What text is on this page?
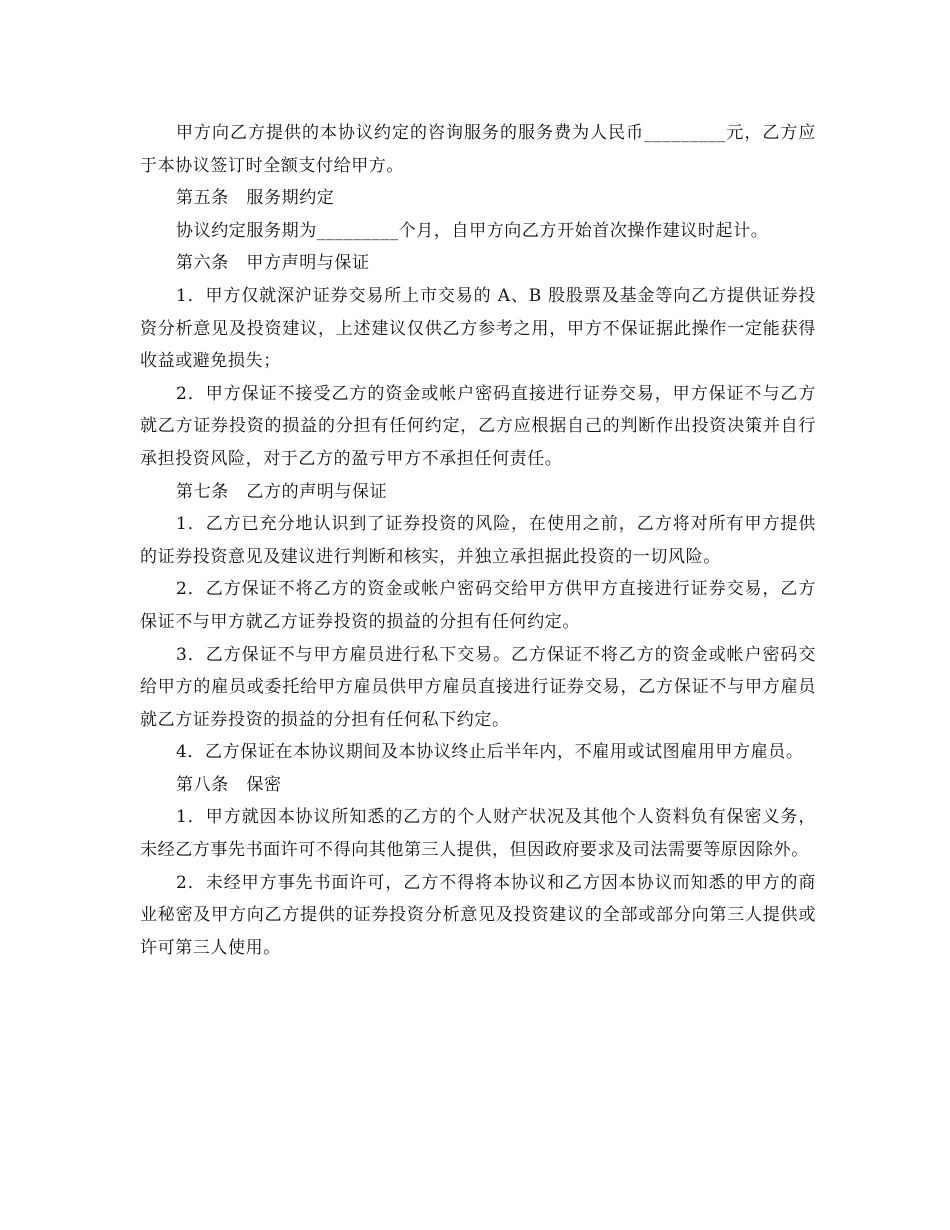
甲方向乙方提供的本协议约定的咨询服务的服务费为人民币_________元，乙方应于本协议签订时全额支付给甲方。

第五条　服务期约定

协议约定服务期为_________个月，自甲方向乙方开始首次操作建议时起计。

第六条　甲方声明与保证

1．甲方仅就深沪证券交易所上市交易的 A、B 股股票及基金等向乙方提供证券投资分析意见及投资建议，上述建议仅供乙方参考之用，甲方不保证据此操作一定能获得收益或避免损失；

2．甲方保证不接受乙方的资金或帐户密码直接进行证券交易，甲方保证不与乙方就乙方证券投资的损益的分担有任何约定，乙方应根据自己的判断作出投资决策并自行承担投资风险，对于乙方的盈亏甲方不承担任何责任。

第七条　乙方的声明与保证

1．乙方已充分地认识到了证券投资的风险，在使用之前，乙方将对所有甲方提供的证券投资意见及建议进行判断和核实，并独立承担据此投资的一切风险。

2．乙方保证不将乙方的资金或帐户密码交给甲方供甲方直接进行证券交易，乙方保证不与甲方就乙方证券投资的损益的分担有任何约定。

3．乙方保证不与甲方雇员进行私下交易。乙方保证不将乙方的资金或帐户密码交给甲方的雇员或委托给甲方雇员供甲方雇员直接进行证券交易，乙方保证不与甲方雇员就乙方证券投资的损益的分担有任何私下约定。

4．乙方保证在本协议期间及本协议终止后半年内，不雇用或试图雇用甲方雇员。

第八条　保密

1．甲方就因本协议所知悉的乙方的个人财产状况及其他个人资料负有保密义务，未经乙方事先书面许可不得向其他第三人提供，但因政府要求及司法需要等原因除外。

2．未经甲方事先书面许可，乙方不得将本协议和乙方因本协议而知悉的甲方的商业秘密及甲方向乙方提供的证券投资分析意见及投资建议的全部或部分向第三人提供或许可第三人使用。
